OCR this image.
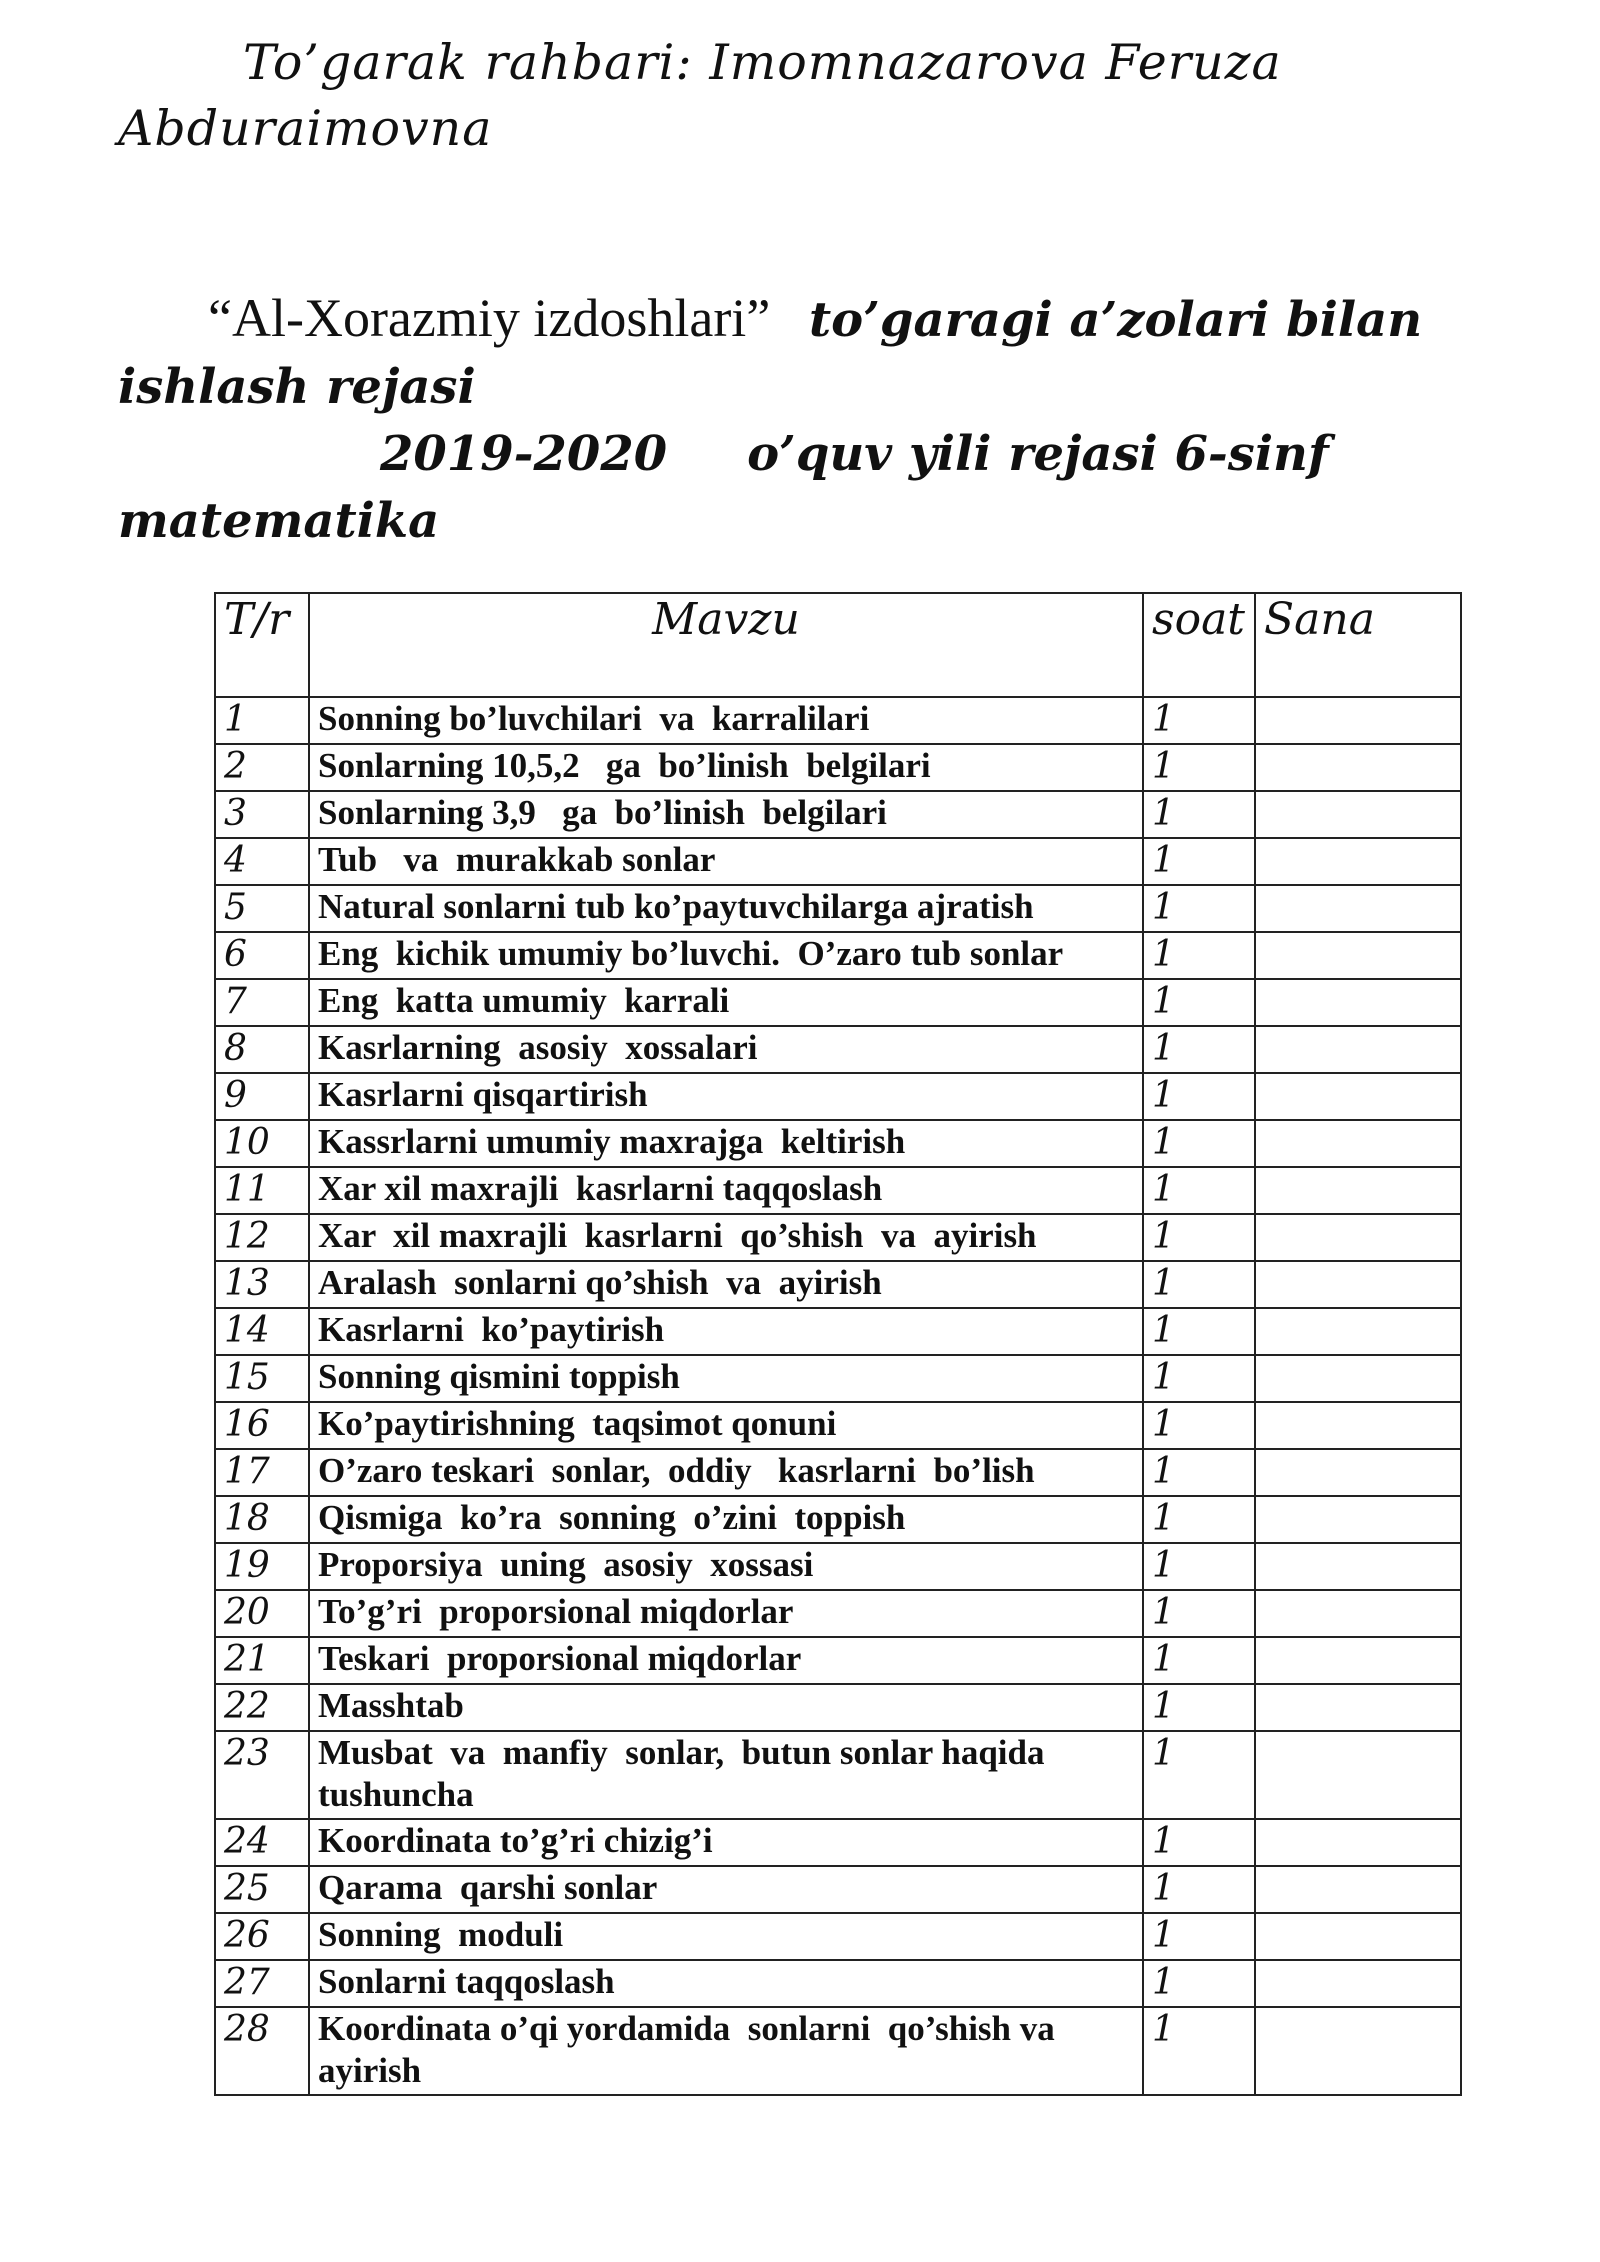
To’garak rahbari: Imomnazarova Feruza Abduraimovna

“Al-Xorazmiy izdoshlari” to’garagi a’zolari bilan ishlash rejasi
2019-2020 o’quv yili rejasi 6-sinf
matematika
T/r	Mavzu	soat	Sana
1	Sonning bo’luvchilari  va  karralilari	1	
2	Sonlarning 10,5,2   ga  bo’linish  belgilari	1	
3	Sonlarning 3,9   ga  bo’linish  belgilari	1	
4	Tub   va  murakkab sonlar	1	
5	Natural sonlarni tub ko’paytuvchilarga ajratish	1	
6	Eng  kichik umumiy bo’luvchi.  O’zaro tub sonlar	1	
7	Eng  katta umumiy  karrali	1	
8	Kasrlarning  asosiy  xossalari	1	
9	Kasrlarni qisqartirish	1	
10	Kassrlarni umumiy maxrajga  keltirish	1	
11	Xar xil maxrajli  kasrlarni taqqoslash	1	
12	Xar  xil maxrajli  kasrlarni  qo’shish  va  ayirish	1	
13	Aralash  sonlarni qo’shish  va  ayirish	1	
14	Kasrlarni  ko’paytirish	1	
15	Sonning qismini toppish	1	
16	Ko’paytirishning  taqsimot qonuni	1	
17	O’zaro teskari  sonlar,  oddiy   kasrlarni  bo’lish	1	
18	Qismiga  ko’ra  sonning  o’zini  toppish	1	
19	Proporsiya  uning  asosiy  xossasi	1	
20	To’g’ri  proporsional miqdorlar	1	
21	Teskari  proporsional miqdorlar	1	
22	Masshtab	1	
23	Musbat  va  manfiy  sonlar,  butun sonlar haqida tushuncha	1	
24	Koordinata to’g’ri chizig’i	1	
25	Qarama  qarshi sonlar	1	
26	Sonning  moduli	1	
27	Sonlarni taqqoslash	1	
28	Koordinata o’qi yordamida  sonlarni  qo’shish va  ayirish	1	
